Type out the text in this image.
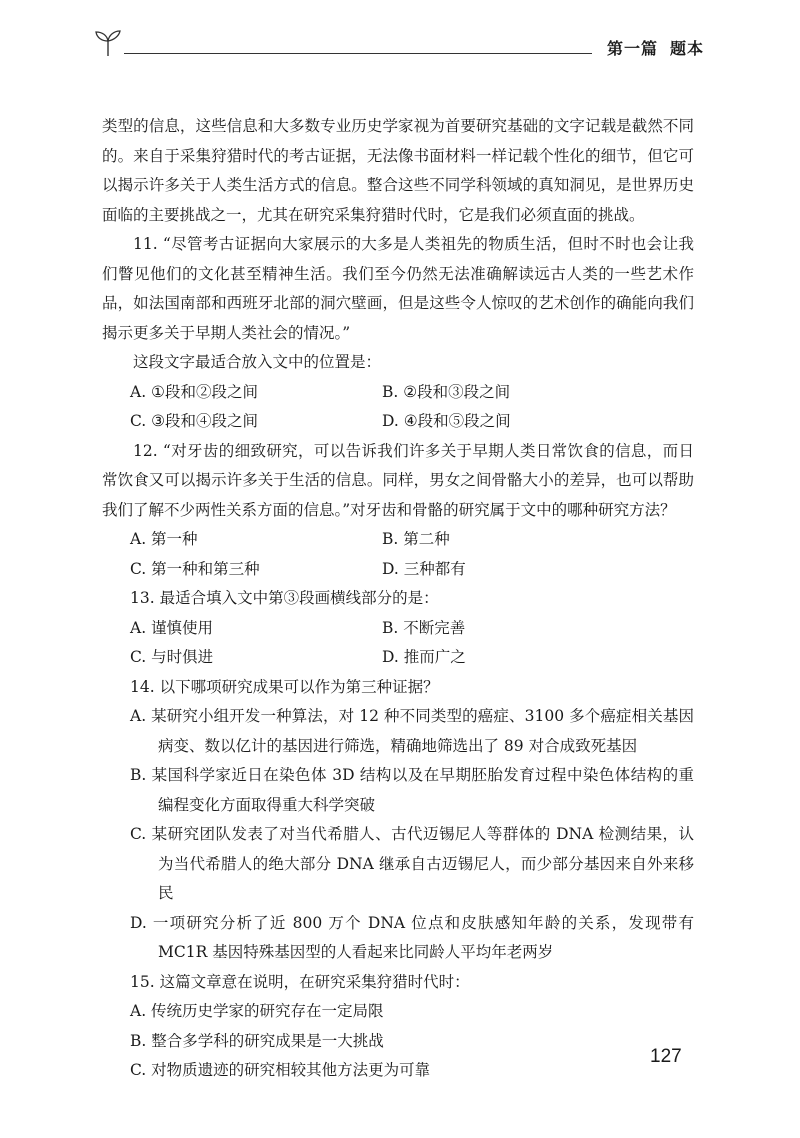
第一篇 题本

类型的信息，这些信息和大多数专业历史学家视为首要研究基础的文字记载是截然不同的。来自于采集狩猎时代的考古证据，无法像书面材料一样记载个性化的细节，但它可以揭示许多关于人类生活方式的信息。整合这些不同学科领域的真知洞见，是世界历史面临的主要挑战之一，尤其在研究采集狩猎时代时，它是我们必须直面的挑战。

11. “尽管考古证据向大家展示的大多是人类祖先的物质生活，但时不时也会让我们瞥见他们的文化甚至精神生活。我们至今仍然无法准确解读远古人类的一些艺术作品，如法国南部和西班牙北部的洞穴壁画，但是这些令人惊叹的艺术创作的确能向我们揭示更多关于早期人类社会的情况。”

这段文字最适合放入文中的位置是：

A. ①段和②段之间	B. ②段和③段之间
C. ③段和④段之间	D. ④段和⑤段之间

12. “对牙齿的细致研究，可以告诉我们许多关于早期人类日常饮食的信息，而日常饮食又可以揭示许多关于生活的信息。同样，男女之间骨骼大小的差异，也可以帮助我们了解不少两性关系方面的信息。”对牙齿和骨骼的研究属于文中的哪种研究方法？

A. 第一种	B. 第二种
C. 第一种和第三种	D. 三种都有

13. 最适合填入文中第③段画横线部分的是：

A. 谨慎使用	B. 不断完善
C. 与时俱进	D. 推而广之

14. 以下哪项研究成果可以作为第三种证据？

A. 某研究小组开发一种算法，对 12 种不同类型的癌症、3100 多个癌症相关基因病变、数以亿计的基因进行筛选，精确地筛选出了 89 对合成致死基因

B. 某国科学家近日在染色体 3D 结构以及在早期胚胎发育过程中染色体结构的重编程变化方面取得重大科学突破

C. 某研究团队发表了对当代希腊人、古代迈锡尼人等群体的 DNA 检测结果，认为当代希腊人的绝大部分 DNA 继承自古迈锡尼人，而少部分基因来自外来移民

D. 一项研究分析了近 800 万个 DNA 位点和皮肤感知年龄的关系，发现带有 MC1R 基因特殊基因型的人看起来比同龄人平均年老两岁

15. 这篇文章意在说明，在研究采集狩猎时代时：

A. 传统历史学家的研究存在一定局限

B. 整合多学科的研究成果是一大挑战

C. 对物质遗迹的研究相较其他方法更为可靠

127
